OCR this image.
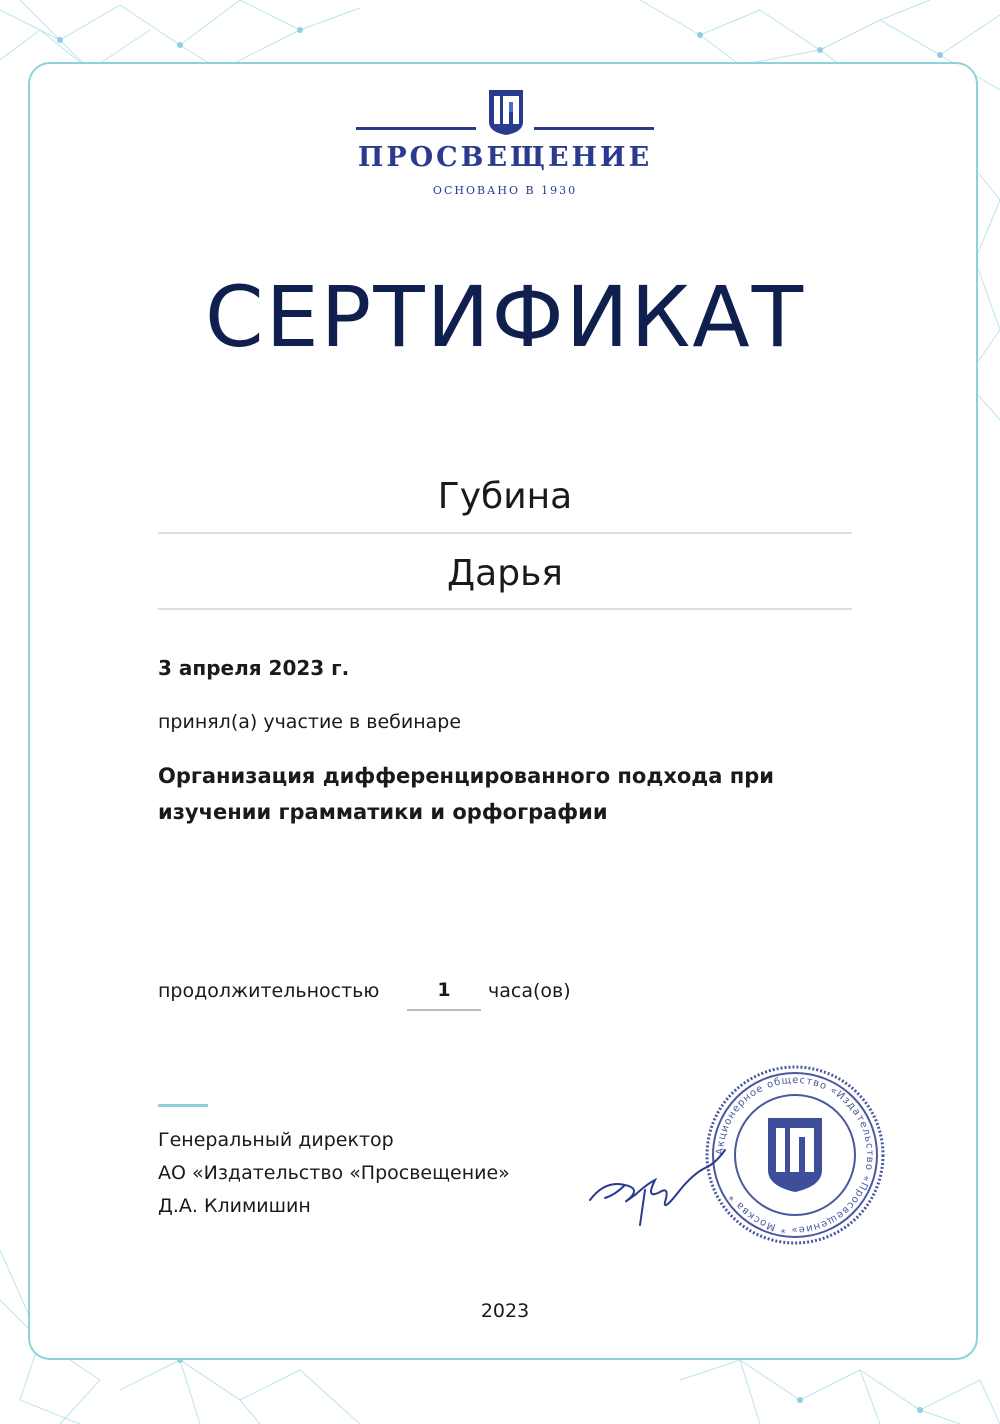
ПРОСВЕЩЕНИЕ
ОСНОВАНО В 1930
СЕРТИФИКАТ
Губина
Дарья
3 апреля 2023 г.
принял(а) участие в вебинаре
Организация дифференцированного подхода при
изучении грамматики и орфографии
продолжительностью	1	часа(ов)
Генеральный директор
АО «Издательство «Просвещение»
Д.А. Климишин
Акционерное общество «Издательство «Просвещение» * Москва *
2023
